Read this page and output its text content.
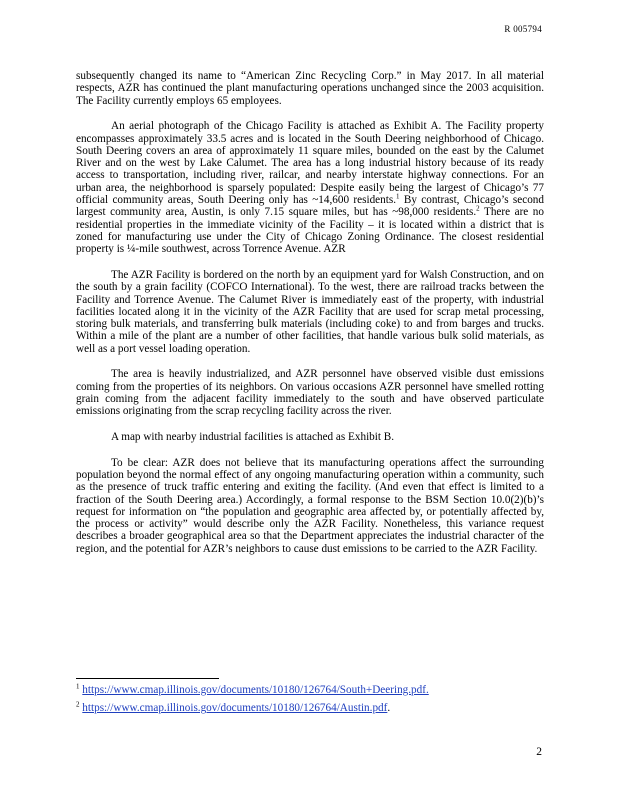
R 005794

subsequently changed its name to “American Zinc Recycling Corp.” in May 2017. In all material respects, AZR has continued the plant manufacturing operations unchanged since the 2003 acquisition. The Facility currently employs 65 employees.

An aerial photograph of the Chicago Facility is attached as Exhibit A. The Facility property encompasses approximately 33.5 acres and is located in the South Deering neighborhood of Chicago. South Deering covers an area of approximately 11 square miles, bounded on the east by the Calumet River and on the west by Lake Calumet. The area has a long industrial history because of its ready access to transportation, including river, railcar, and nearby interstate highway connections. For an urban area, the neighborhood is sparsely populated: Despite easily being the largest of Chicago’s 77 official community areas, South Deering only has ~14,600 residents.$^1$ By contrast, Chicago’s second largest community area, Austin, is only 7.15 square miles, but has ~98,000 residents.$^2$ There are no residential properties in the immediate vicinity of the Facility – it is located within a district that is zoned for manufacturing use under the City of Chicago Zoning Ordinance. The closest residential property is ¼-mile southwest, across Torrence Avenue. AZR

The AZR Facility is bordered on the north by an equipment yard for Walsh Construction, and on the south by a grain facility (COFCO International). To the west, there are railroad tracks between the Facility and Torrence Avenue. The Calumet River is immediately east of the property, with industrial facilities located along it in the vicinity of the AZR Facility that are used for scrap metal processing, storing bulk materials, and transferring bulk materials (including coke) to and from barges and trucks. Within a mile of the plant are a number of other facilities, that handle various bulk solid materials, as well as a port vessel loading operation.

The area is heavily industrialized, and AZR personnel have observed visible dust emissions coming from the properties of its neighbors. On various occasions AZR personnel have smelled rotting grain coming from the adjacent facility immediately to the south and have observed particulate emissions originating from the scrap recycling facility across the river.

A map with nearby industrial facilities is attached as Exhibit B.

To be clear: AZR does not believe that its manufacturing operations affect the surrounding population beyond the normal effect of any ongoing manufacturing operation within a community, such as the presence of truck traffic entering and exiting the facility. (And even that effect is limited to a fraction of the South Deering area.) Accordingly, a formal response to the BSM Section 10.0(2)(b)’s request for information on “the population and geographic area affected by, or potentially affected by, the process or activity” would describe only the AZR Facility. Nonetheless, this variance request describes a broader geographical area so that the Department appreciates the industrial character of the region, and the potential for AZR’s neighbors to cause dust emissions to be carried to the AZR Facility.

$^1$ https://www.cmap.illinois.gov/documents/10180/126764/South+Deering.pdf.
$^2$ https://www.cmap.illinois.gov/documents/10180/126764/Austin.pdf.
2
